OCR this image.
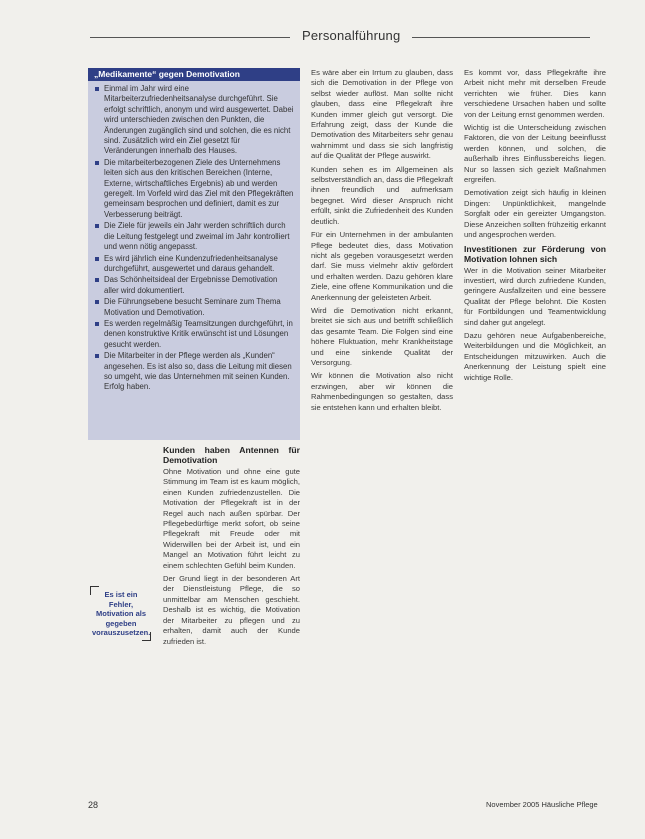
Personalführung
Einmal im Jahr wird eine Mitarbeiterzufriedenheitsanalyse durchgeführt. Sie erfolgt schriftlich, anonym und wird ausgewertet. Dabei wird unterschieden zwischen den Punkten, die Änderungen zugänglich sind und solchen, die es nicht sind. Zusätzlich wird ein Ziel gesetzt für Veränderungen innerhalb des Hauses.
Die mitarbeiterbezogenen Ziele des Unternehmens leiten sich aus den kritischen Bereichen (Interne, Externe, wirtschaftliches Ergebnis) ab und werden geregelt. Im Vorfeld wird das Ziel mit den Pflegekräften gemeinsam besprochen und definiert, damit es zur Verbesserung beiträgt.
Die Ziele für jeweils ein Jahr werden schriftlich durch die Leitung festgelegt und zweimal im Jahr kontrolliert und wenn nötig angepasst.
Es wird jährlich eine Kundenzufriedenheitsanalyse durchgeführt, ausgewertet und daraus gehandelt.
Das Schönheitsideal der Ergebnisse Demotivation aller wird dokumentiert.
Die Führungsebene besucht Seminare zum Thema Motivation und Demotivation.
Es werden regelmäßig Teamsitzungen durchgeführt, in denen konstruktive Kritik erwünscht ist und Lösungen gesucht werden.
Die Mitarbeiter in der Pflege werden als „Kunden“ angesehen. Es ist also so, dass die Leitung mit diesen so umgeht, wie das Unternehmen mit seinen Kunden. Erfolg haben.
„Medikamente“ gegen Demotivation
Es ist ein Fehler, Motivation als gegeben vorauszusetzen.
Kunden haben Antennen für Demotivation

Ohne Motivation und ohne eine gute Stimmung im Team ist es kaum möglich, einen Kunden zufriedenzustellen. Die Motivation der Pflegekraft ist in der Regel auch nach außen spürbar. Der Pflegebedürftige merkt sofort, ob seine Pflegekraft mit Freude oder mit Widerwillen bei der Arbeit ist, und ein Mangel an Motivation führt leicht zu einem schlechten Gefühl beim Kunden.

Der Grund liegt in der besonderen Art der Dienstleistung Pflege, die so unmittelbar am Menschen geschieht. Deshalb ist es wichtig, die Motivation der Mitarbeiter zu pflegen und zu erhalten, damit auch der Kunde zufrieden ist.

Es wäre aber ein Irrtum zu glauben, dass sich die Demotivation in der Pflege von selbst wieder auflöst. Man sollte nicht glauben, dass eine Pflegekraft ihre Kunden immer gleich gut versorgt. Die Erfahrung zeigt, dass der Kunde die Demotivation des Mitarbeiters sehr genau wahrnimmt und dass sie sich langfristig auf die Qualität der Pflege auswirkt.

Kunden sehen es im Allgemeinen als selbstverständlich an, dass die Pflegekraft ihnen freundlich und aufmerksam begegnet. Wird dieser Anspruch nicht erfüllt, sinkt die Zufriedenheit des Kunden deutlich.

Für ein Unternehmen in der ambulanten Pflege bedeutet dies, dass Motivation nicht als gegeben vorausgesetzt werden darf. Sie muss vielmehr aktiv gefördert und erhalten werden. Dazu gehören klare Ziele, eine offene Kommunikation und die Anerkennung der geleisteten Arbeit.

Wird die Demotivation nicht erkannt, breitet sie sich aus und betrifft schließlich das gesamte Team. Die Folgen sind eine höhere Fluktuation, mehr Krankheitstage und eine sinkende Qualität der Versorgung.

Wir können die Motivation also nicht erzwingen, aber wir können die Rahmenbedingungen so gestalten, dass sie entstehen kann und erhalten bleibt.

Es kommt vor, dass Pflegekräfte ihre Arbeit nicht mehr mit derselben Freude verrichten wie früher. Dies kann verschiedene Ursachen haben und sollte von der Leitung ernst genommen werden.

Wichtig ist die Unterscheidung zwischen Faktoren, die von der Leitung beeinflusst werden können, und solchen, die außerhalb ihres Einflussbereichs liegen. Nur so lassen sich gezielt Maßnahmen ergreifen.

Demotivation zeigt sich häufig in kleinen Dingen: Unpünktlichkeit, mangelnde Sorgfalt oder ein gereizter Umgangston. Diese Anzeichen sollten frühzeitig erkannt und angesprochen werden.

Investitionen zur Förderung von Motivation lohnen sich

Wer in die Motivation seiner Mitarbeiter investiert, wird durch zufriedene Kunden, geringere Ausfallzeiten und eine bessere Qualität der Pflege belohnt. Die Kosten für Fortbildungen und Teamentwicklung sind daher gut angelegt.

Dazu gehören neue Aufgabenbereiche, Weiterbildungen und die Möglichkeit, an Entscheidungen mitzuwirken. Auch die Anerkennung der Leistung spielt eine wichtige Rolle.

28	November 2005 Häusliche Pflege
